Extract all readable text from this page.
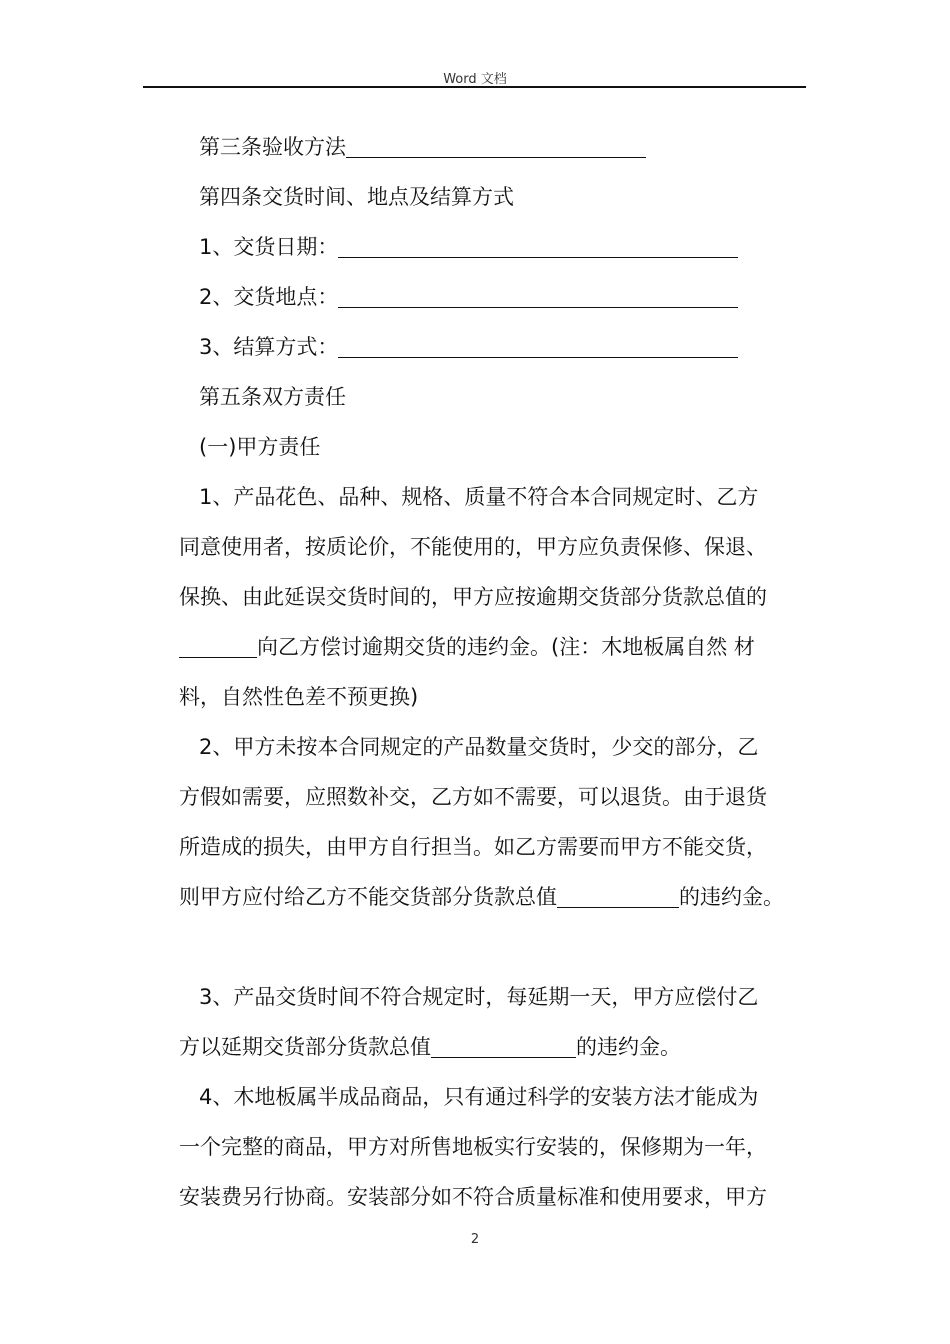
Word 文档
第三条验收方法
第四条交货时间、地点及结算方式
1、交货日期：
2、交货地点：
3、结算方式：
第五条双方责任
(一)甲方责任
1、产品花色、品种、规格、质量不符合本合同规定时、乙方
同意使用者，按质论价，不能使用的，甲方应负责保修、保退、
保换、由此延误交货时间的，甲方应按逾期交货部分货款总值的
向乙方偿讨逾期交货的违约金。(注：木地板属自然 材
料，自然性色差不预更换)
2、甲方未按本合同规定的产品数量交货时，少交的部分，乙
方假如需要，应照数补交，乙方如不需要，可以退货。由于退货
所造成的损失，由甲方自行担当。如乙方需要而甲方不能交货，
则甲方应付给乙方不能交货部分货款总值	的违约金。
3、产品交货时间不符合规定时，每延期一天，甲方应偿付乙
方以延期交货部分货款总值	的违约金。
4、木地板属半成品商品，只有通过科学的安装方法才能成为
一个完整的商品，甲方对所售地板实行安装的，保修期为一年，
安装费另行协商。安装部分如不符合质量标准和使用要求，甲方
2
